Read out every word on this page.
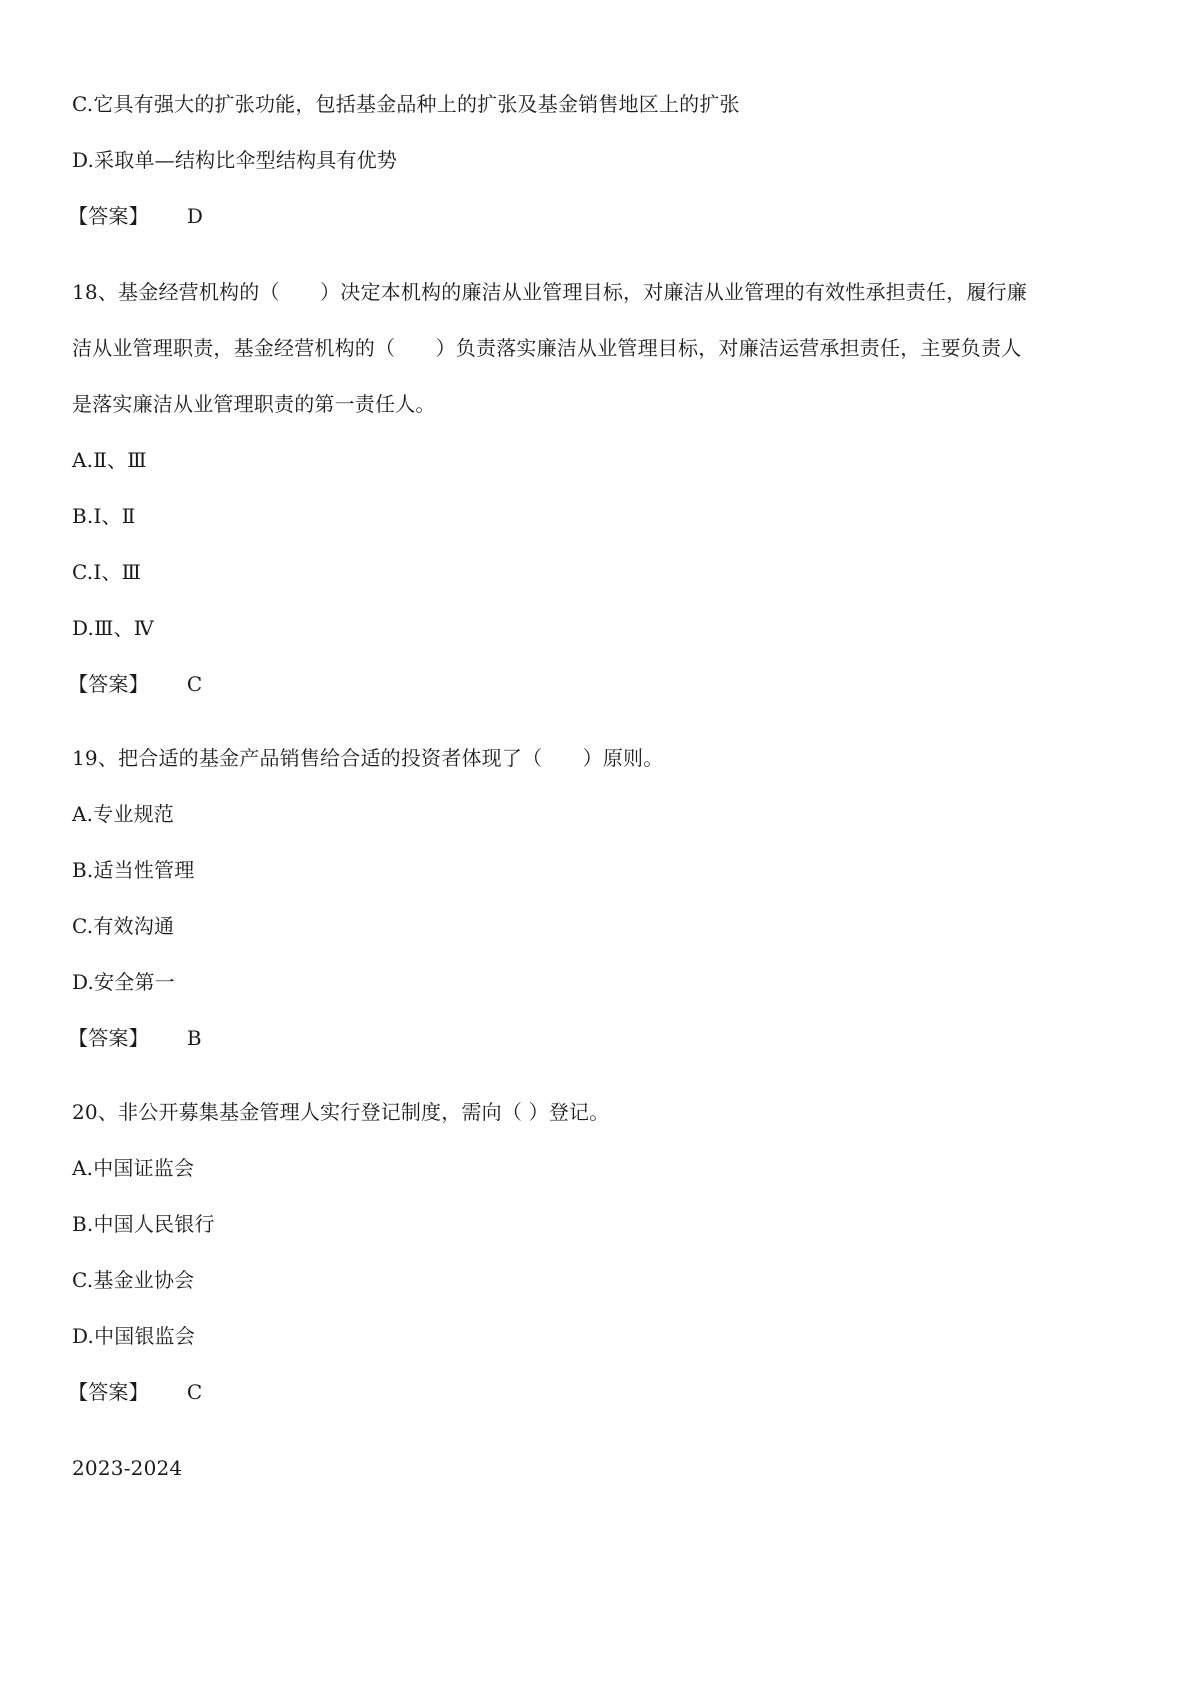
C.它具有强大的扩张功能，包括基金品种上的扩张及基金销售地区上的扩张
D.采取单—结构比伞型结构具有优势
【答案】 D
18、基金经营机构的（　　）决定本机构的廉洁从业管理目标，对廉洁从业管理的有效性承担责任，履行廉
洁从业管理职责，基金经营机构的（　　）负责落实廉洁从业管理目标，对廉洁运营承担责任，主要负责人
是落实廉洁从业管理职责的第一责任人。
A.Ⅱ、Ⅲ
B.Ⅰ、Ⅱ
C.Ⅰ、Ⅲ
D.Ⅲ、Ⅳ
【答案】 C
19、把合适的基金产品销售给合适的投资者体现了（　　）原则。
A.专业规范
B.适当性管理
C.有效沟通
D.安全第一
【答案】 B
20、非公开募集基金管理人实行登记制度，需向（ ）登记。
A.中国证监会
B.中国人民银行
C.基金业协会
D.中国银监会
【答案】 C
2023-2024
